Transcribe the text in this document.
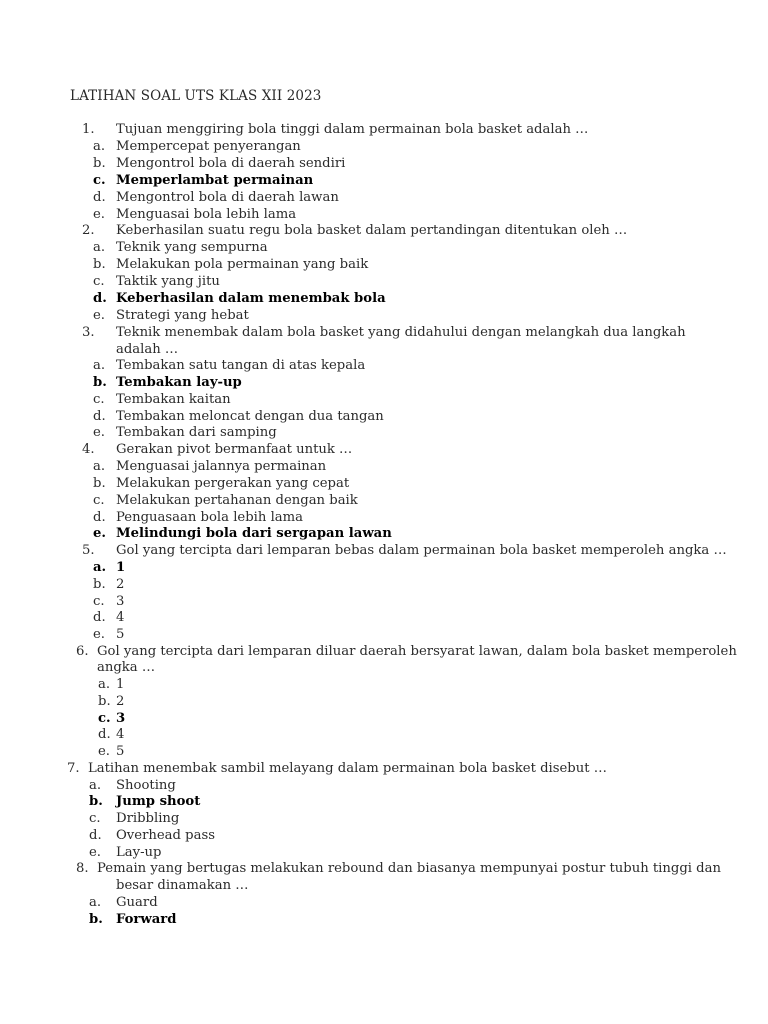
LATIHAN SOAL UTS KLAS XII 2023
1. Tujuan menggiring bola tinggi dalam permainan bola basket adalah …
a. Mempercepat penyerangan
b. Mengontrol bola di daerah sendiri
c. Memperlambat permainan
d. Mengontrol bola di daerah lawan
e. Menguasai bola lebih lama
2. Keberhasilan suatu regu bola basket dalam pertandingan ditentukan oleh …
a. Teknik yang sempurna
b. Melakukan pola permainan yang baik
c. Taktik yang jitu
d. Keberhasilan dalam menembak bola
e. Strategi yang hebat
3. Teknik menembak dalam bola basket yang didahului dengan melangkah dua langkah
adalah …
a. Tembakan satu tangan di atas kepala
b. Tembakan lay-up
c. Tembakan kaitan
d. Tembakan meloncat dengan dua tangan
e. Tembakan dari samping
4. Gerakan pivot bermanfaat untuk …
a. Menguasai jalannya permainan
b. Melakukan pergerakan yang cepat
c. Melakukan pertahanan dengan baik
d. Penguasaan bola lebih lama
e. Melindungi bola dari sergapan lawan
5. Gol yang tercipta dari lemparan bebas dalam permainan bola basket memperoleh angka …
a. 1
b. 2
c. 3
d. 4
e. 5
6. Gol yang tercipta dari lemparan diluar daerah bersyarat lawan, dalam bola basket memperoleh
angka …
a. 1
b. 2
c. 3
d. 4
e. 5
7. Latihan menembak sambil melayang dalam permainan bola basket disebut …
a. Shooting
b. Jump shoot
c. Dribbling
d. Overhead pass
e. Lay-up
8. Pemain yang bertugas melakukan rebound dan biasanya mempunyai postur tubuh tinggi dan
besar dinamakan …
a. Guard
b. Forward
